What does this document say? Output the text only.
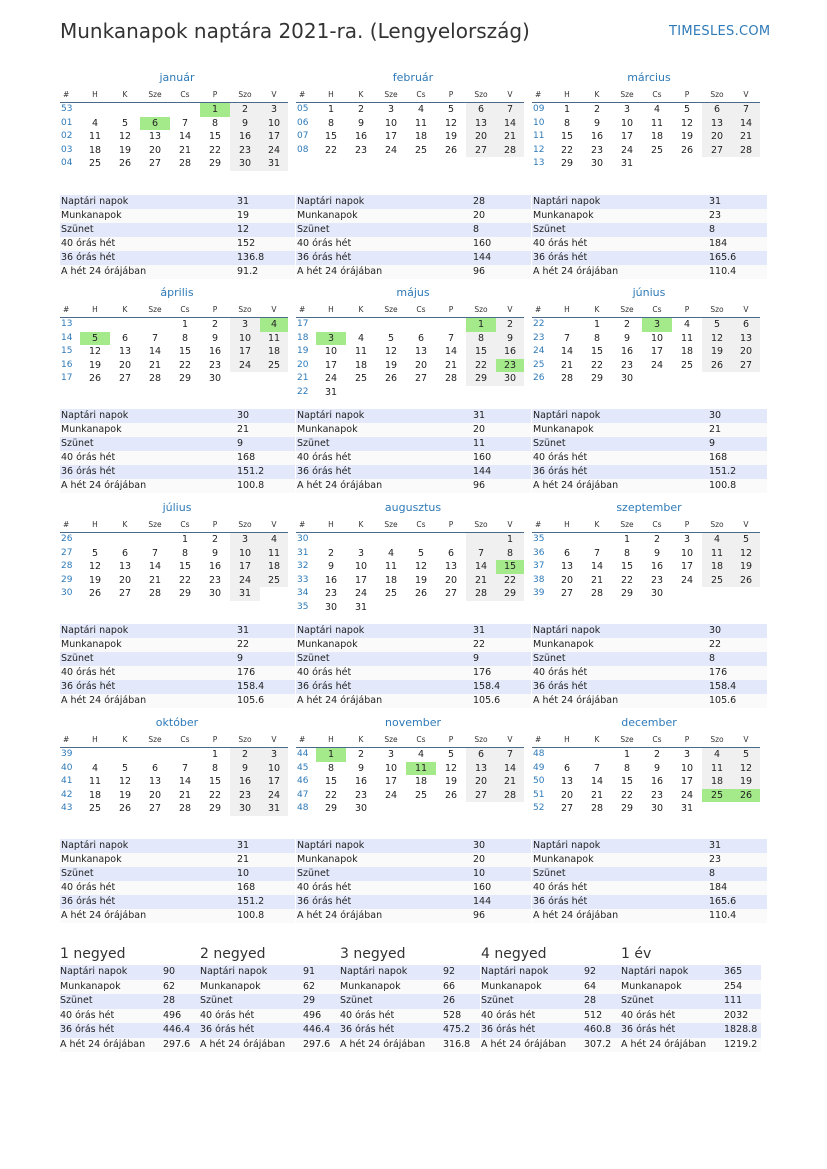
Munkanapok naptára 2021-ra. (Lengyelország)	TIMESLES.COM
január
#	H	K	Sze	Cs	P	Szo	V
53					1	2	3
01	4	5	6	7	8	9	10
02	11	12	13	14	15	16	17
03	18	19	20	21	22	23	24
04	25	26	27	28	29	30	31
Naptári napok	31
Munkanapok	19
Szünet	12
40 órás hét	152
36 órás hét	136.8
A hét 24 órájában	91.2
február
#	H	K	Sze	Cs	P	Szo	V
05	1	2	3	4	5	6	7
06	8	9	10	11	12	13	14
07	15	16	17	18	19	20	21
08	22	23	24	25	26	27	28
Naptári napok	28
Munkanapok	20
Szünet	8
40 órás hét	160
36 órás hét	144
A hét 24 órájában	96
március
#	H	K	Sze	Cs	P	Szo	V
09	1	2	3	4	5	6	7
10	8	9	10	11	12	13	14
11	15	16	17	18	19	20	21
12	22	23	24	25	26	27	28
13	29	30	31				
Naptári napok	31
Munkanapok	23
Szünet	8
40 órás hét	184
36 órás hét	165.6
A hét 24 órájában	110.4
április
#	H	K	Sze	Cs	P	Szo	V
13				1	2	3	4
14	5	6	7	8	9	10	11
15	12	13	14	15	16	17	18
16	19	20	21	22	23	24	25
17	26	27	28	29	30		
Naptári napok	30
Munkanapok	21
Szünet	9
40 órás hét	168
36 órás hét	151.2
A hét 24 órájában	100.8
május
#	H	K	Sze	Cs	P	Szo	V
17						1	2
18	3	4	5	6	7	8	9
19	10	11	12	13	14	15	16
20	17	18	19	20	21	22	23
21	24	25	26	27	28	29	30
22	31						
Naptári napok	31
Munkanapok	20
Szünet	11
40 órás hét	160
36 órás hét	144
A hét 24 órájában	96
június
#	H	K	Sze	Cs	P	Szo	V
22		1	2	3	4	5	6
23	7	8	9	10	11	12	13
24	14	15	16	17	18	19	20
25	21	22	23	24	25	26	27
26	28	29	30				
Naptári napok	30
Munkanapok	21
Szünet	9
40 órás hét	168
36 órás hét	151.2
A hét 24 órájában	100.8
július
#	H	K	Sze	Cs	P	Szo	V
26				1	2	3	4
27	5	6	7	8	9	10	11
28	12	13	14	15	16	17	18
29	19	20	21	22	23	24	25
30	26	27	28	29	30	31	
Naptári napok	31
Munkanapok	22
Szünet	9
40 órás hét	176
36 órás hét	158.4
A hét 24 órájában	105.6
augusztus
#	H	K	Sze	Cs	P	Szo	V
30							1
31	2	3	4	5	6	7	8
32	9	10	11	12	13	14	15
33	16	17	18	19	20	21	22
34	23	24	25	26	27	28	29
35	30	31					
Naptári napok	31
Munkanapok	22
Szünet	9
40 órás hét	176
36 órás hét	158.4
A hét 24 órájában	105.6
szeptember
#	H	K	Sze	Cs	P	Szo	V
35			1	2	3	4	5
36	6	7	8	9	10	11	12
37	13	14	15	16	17	18	19
38	20	21	22	23	24	25	26
39	27	28	29	30			
Naptári napok	30
Munkanapok	22
Szünet	8
40 órás hét	176
36 órás hét	158.4
A hét 24 órájában	105.6
október
#	H	K	Sze	Cs	P	Szo	V
39					1	2	3
40	4	5	6	7	8	9	10
41	11	12	13	14	15	16	17
42	18	19	20	21	22	23	24
43	25	26	27	28	29	30	31
Naptári napok	31
Munkanapok	21
Szünet	10
40 órás hét	168
36 órás hét	151.2
A hét 24 órájában	100.8
november
#	H	K	Sze	Cs	P	Szo	V
44	1	2	3	4	5	6	7
45	8	9	10	11	12	13	14
46	15	16	17	18	19	20	21
47	22	23	24	25	26	27	28
48	29	30					
Naptári napok	30
Munkanapok	20
Szünet	10
40 órás hét	160
36 órás hét	144
A hét 24 órájában	96
december
#	H	K	Sze	Cs	P	Szo	V
48			1	2	3	4	5
49	6	7	8	9	10	11	12
50	13	14	15	16	17	18	19
51	20	21	22	23	24	25	26
52	27	28	29	30	31		
Naptári napok	31
Munkanapok	23
Szünet	8
40 órás hét	184
36 órás hét	165.6
A hét 24 órájában	110.4
1 negyed
Naptári napok	90
Munkanapok	62
Szünet	28
40 órás hét	496
36 órás hét	446.4
A hét 24 órájában	297.6
2 negyed
Naptári napok	91
Munkanapok	62
Szünet	29
40 órás hét	496
36 órás hét	446.4
A hét 24 órájában	297.6
3 negyed
Naptári napok	92
Munkanapok	66
Szünet	26
40 órás hét	528
36 órás hét	475.2
A hét 24 órájában	316.8
4 negyed
Naptári napok	92
Munkanapok	64
Szünet	28
40 órás hét	512
36 órás hét	460.8
A hét 24 órájában	307.2
1 év
Naptári napok	365
Munkanapok	254
Szünet	111
40 órás hét	2032
36 órás hét	1828.8
A hét 24 órájában	1219.2
